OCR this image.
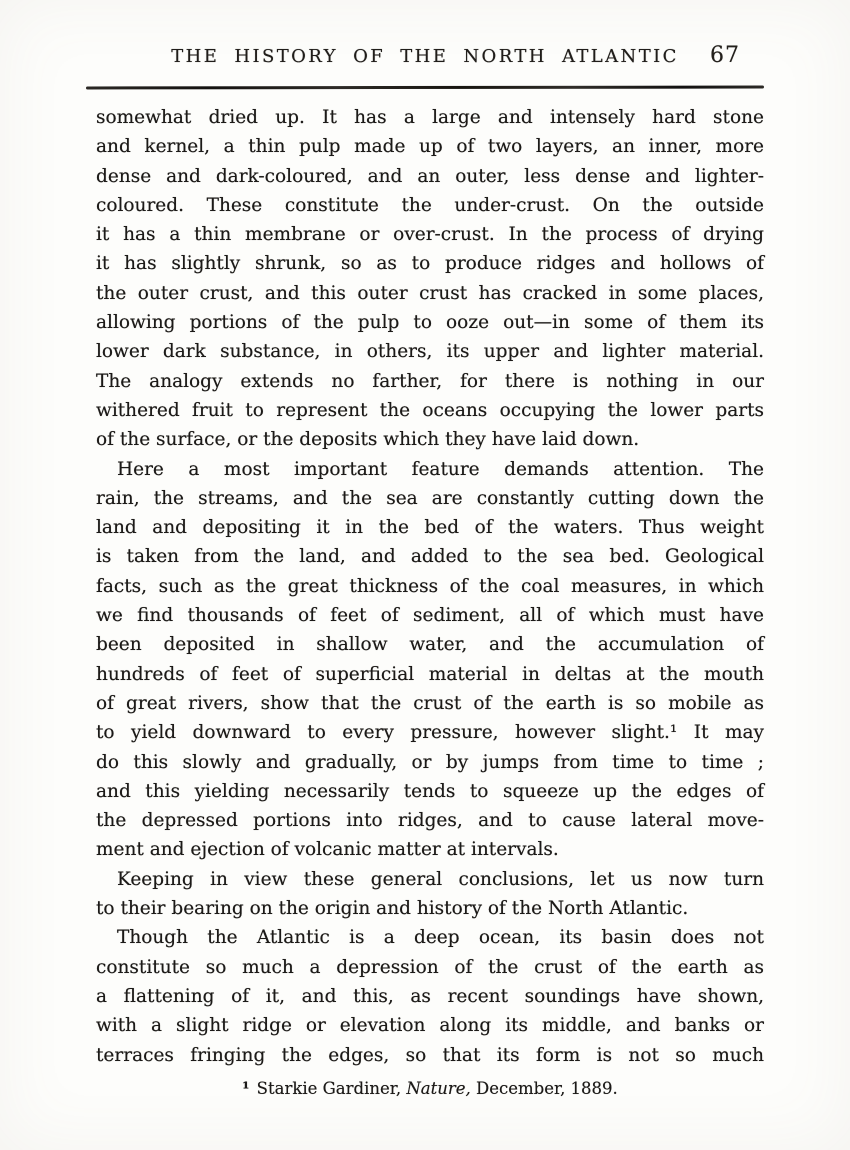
THE HISTORY OF THE NORTH ATLANTIC	67
somewhat dried up. It has a large and intensely hard stone
and kernel, a thin pulp made up of two layers, an inner, more
dense and dark-coloured, and an outer, less dense and lighter-
coloured. These constitute the under-crust. On the outside
it has a thin membrane or over-crust. In the process of drying
it has slightly shrunk, so as to produce ridges and hollows of
the outer crust, and this outer crust has cracked in some places,
allowing portions of the pulp to ooze out—in some of them its
lower dark substance, in others, its upper and lighter material.
The analogy extends no farther, for there is nothing in our
withered fruit to represent the oceans occupying the lower parts
of the surface, or the deposits which they have laid down.
Here a most important feature demands attention. The
rain, the streams, and the sea are constantly cutting down the
land and depositing it in the bed of the waters. Thus weight
is taken from the land, and added to the sea bed. Geological
facts, such as the great thickness of the coal measures, in which
we find thousands of feet of sediment, all of which must have
been deposited in shallow water, and the accumulation of
hundreds of feet of superficial material in deltas at the mouth
of great rivers, show that the crust of the earth is so mobile as
to yield downward to every pressure, however slight.¹ It may
do this slowly and gradually, or by jumps from time to time ;
and this yielding necessarily tends to squeeze up the edges of
the depressed portions into ridges, and to cause lateral move-
ment and ejection of volcanic matter at intervals.
Keeping in view these general conclusions, let us now turn
to their bearing on the origin and history of the North Atlantic.
Though the Atlantic is a deep ocean, its basin does not
constitute so much a depression of the crust of the earth as
a flattening of it, and this, as recent soundings have shown,
with a slight ridge or elevation along its middle, and banks or
terraces fringing the edges, so that its form is not so much
¹ Starkie Gardiner, Nature, December, 1889.
